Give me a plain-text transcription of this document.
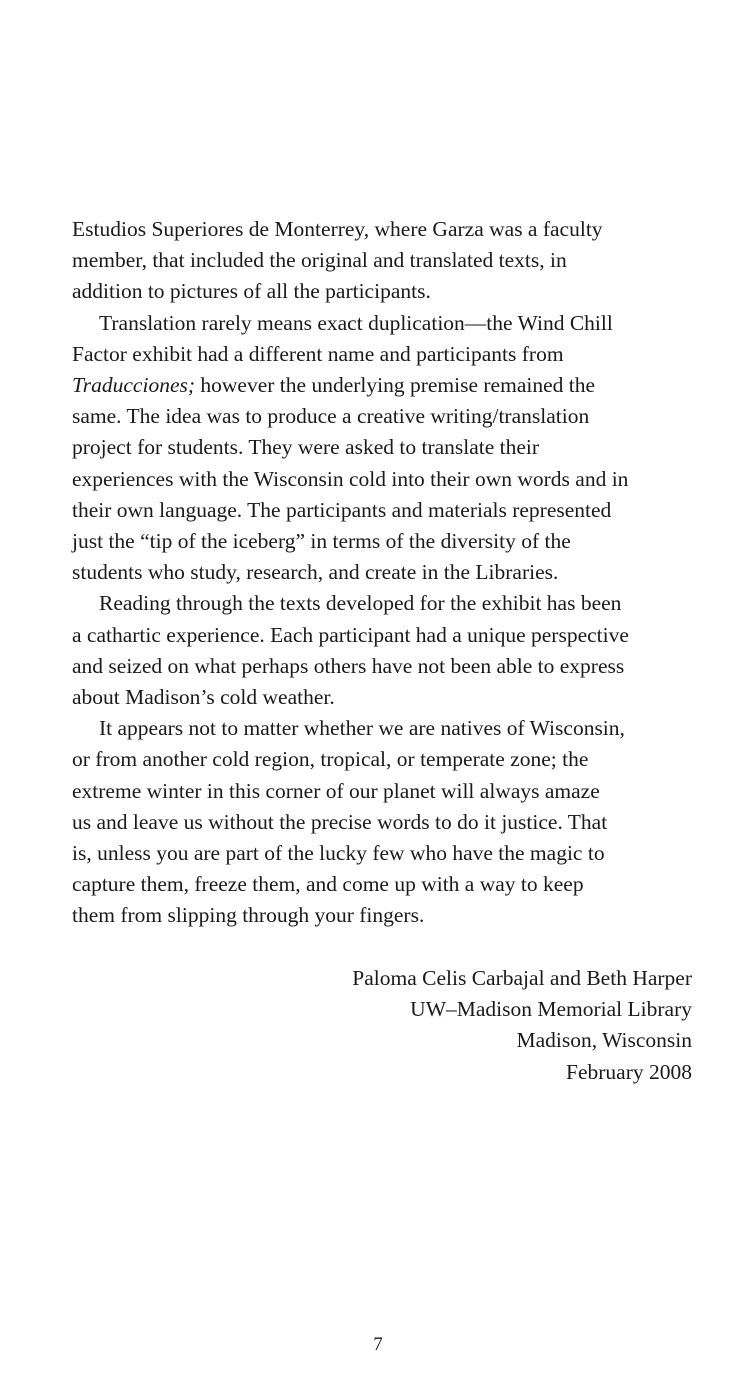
Estudios Superiores de Monterrey, where Garza was a faculty
member, that included the original and translated texts, in
addition to pictures of all the participants.

Translation rarely means exact duplication—the Wind Chill
Factor exhibit had a different name and participants from
Traducciones; however the underlying premise remained the
same. The idea was to produce a creative writing/translation
project for students. They were asked to translate their
experiences with the Wisconsin cold into their own words and in
their own language. The participants and materials represented
just the “tip of the iceberg” in terms of the diversity of the
students who study, research, and create in the Libraries.

Reading through the texts developed for the exhibit has been
a cathartic experience. Each participant had a unique perspective
and seized on what perhaps others have not been able to express
about Madison’s cold weather.

It appears not to matter whether we are natives of Wisconsin,
or from another cold region, tropical, or temperate zone; the
extreme winter in this corner of our planet will always amaze
us and leave us without the precise words to do it justice. That
is, unless you are part of the lucky few who have the magic to
capture them, freeze them, and come up with a way to keep
them from slipping through your fingers.

Paloma Celis Carbajal and Beth Harper
UW–Madison Memorial Library
Madison, Wisconsin
February 2008
7
